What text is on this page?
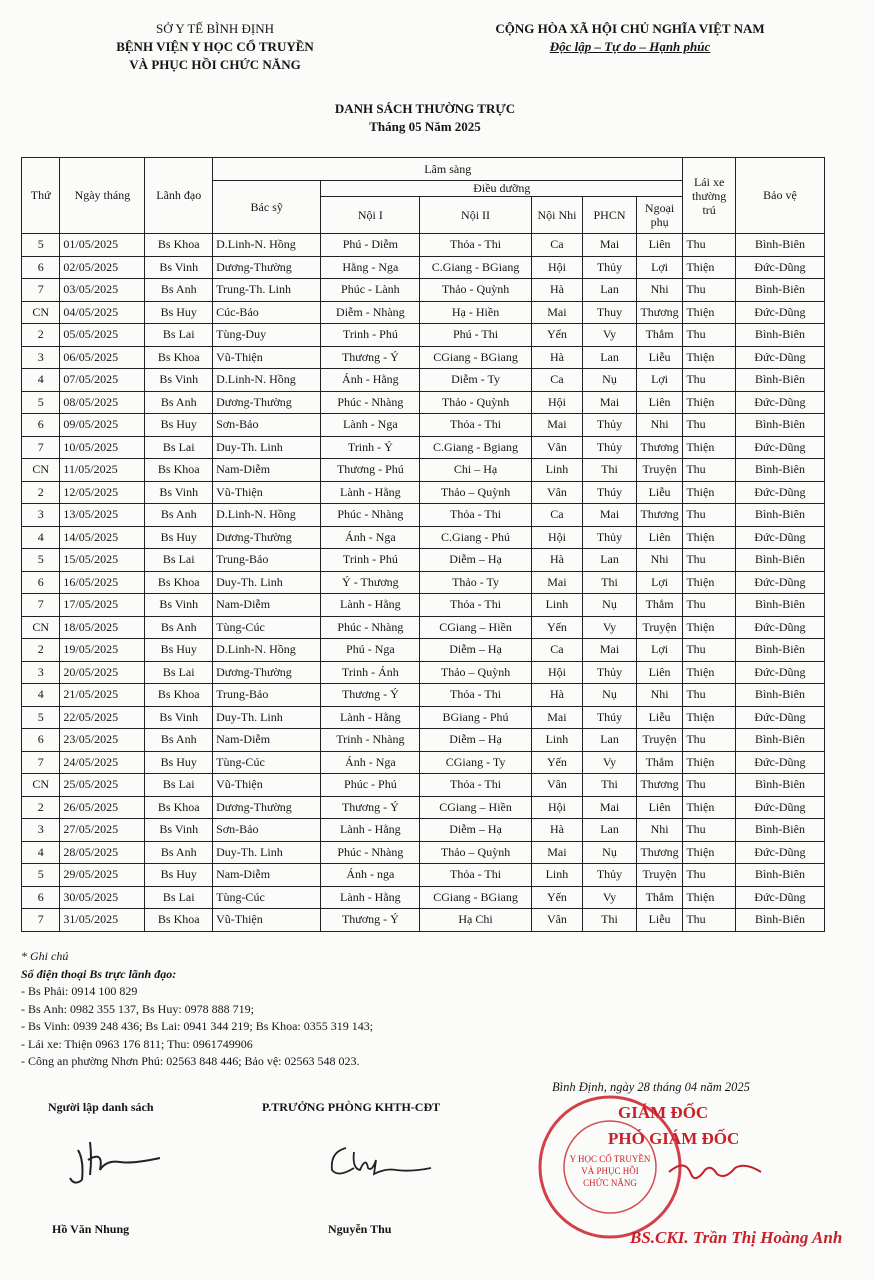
SỞ Y TẾ BÌNH ĐỊNH
BỆNH VIỆN Y HỌC CỔ TRUYỀN
VÀ PHỤC HỒI CHỨC NĂNG
CỘNG HÒA XÃ HỘI CHỦ NGHĨA VIỆT NAM
Độc lập – Tự do – Hạnh phúc
DANH SÁCH THƯỜNG TRỰC
Tháng 05 Năm 2025
Thứ	Ngày tháng	Lãnh đạo	Lâm sàng						Lái xe thường trú	Bảo vệ
			Bác sỹ	Điều dưỡng						
				Nội I	Nội II	Nội Nhi	PHCN	Ngoại phụ		
5	01/05/2025	Bs Khoa	D.Linh-N. Hồng	Phú - Diễm	Thỏa - Thi	Ca	Mai	Liên	Thu	Bình-Biên
6	02/05/2025	Bs Vinh	Dương-Thường	Hằng - Nga	C.Giang - BGiang	Hội	Thủy	Lợi	Thiện	Đức-Dũng
7	03/05/2025	Bs Anh	Trung-Th. Linh	Phúc - Lành	Thảo - Quỳnh	Hà	Lan	Nhi	Thu	Bình-Biên
CN	04/05/2025	Bs Huy	Cúc-Bảo	Diễm - Nhàng	Hạ - Hiền	Mai	Thuy	Thương	Thiện	Đức-Dũng
2	05/05/2025	Bs Lai	Tùng-Duy	Trinh - Phú	Phú - Thi	Yến	Vy	Thắm	Thu	Bình-Biên
3	06/05/2025	Bs Khoa	Vũ-Thiện	Thương - Ý	CGiang - BGiang	Hà	Lan	Liễu	Thiện	Đức-Dũng
4	07/05/2025	Bs Vinh	D.Linh-N. Hồng	Ánh - Hằng	Diễm - Ty	Ca	Nụ	Lợi	Thu	Bình-Biên
5	08/05/2025	Bs Anh	Dương-Thường	Phúc - Nhàng	Thảo - Quỳnh	Hội	Mai	Liên	Thiện	Đức-Dũng
6	09/05/2025	Bs Huy	Sơn-Bảo	Lành - Nga	Thỏa - Thi	Mai	Thủy	Nhi	Thu	Bình-Biên
7	10/05/2025	Bs Lai	Duy-Th. Linh	Trinh - Ý	C.Giang - Bgiang	Vân	Thủy	Thương	Thiện	Đức-Dũng
CN	11/05/2025	Bs Khoa	Nam-Diễm	Thương - Phú	Chi – Hạ	Linh	Thi	Truyện	Thu	Bình-Biên
2	12/05/2025	Bs Vinh	Vũ-Thiện	Lành - Hằng	Thảo – Quỳnh	Vân	Thúy	Liễu	Thiện	Đức-Dũng
3	13/05/2025	Bs Anh	D.Linh-N. Hồng	Phúc - Nhàng	Thỏa - Thi	Ca	Mai	Thương	Thu	Bình-Biên
4	14/05/2025	Bs Huy	Dương-Thường	Ánh - Nga	C.Giang - Phú	Hội	Thủy	Liên	Thiện	Đức-Dũng
5	15/05/2025	Bs Lai	Trung-Bảo	Trinh - Phú	Diễm – Hạ	Hà	Lan	Nhi	Thu	Bình-Biên
6	16/05/2025	Bs Khoa	Duy-Th. Linh	Ý - Thương	Thảo - Ty	Mai	Thi	Lợi	Thiện	Đức-Dũng
7	17/05/2025	Bs Vinh	Nam-Diễm	Lành - Hằng	Thỏa - Thi	Linh	Nụ	Thắm	Thu	Bình-Biên
CN	18/05/2025	Bs Anh	Tùng-Cúc	Phúc - Nhàng	CGiang – Hiền	Yến	Vy	Truyện	Thiện	Đức-Dũng
2	19/05/2025	Bs Huy	D.Linh-N. Hồng	Phú - Nga	Diễm – Hạ	Ca	Mai	Lợi	Thu	Bình-Biên
3	20/05/2025	Bs Lai	Dương-Thường	Trinh - Ánh	Thảo – Quỳnh	Hội	Thủy	Liên	Thiện	Đức-Dũng
4	21/05/2025	Bs Khoa	Trung-Bảo	Thương - Ý	Thỏa - Thi	Hà	Nụ	Nhi	Thu	Bình-Biên
5	22/05/2025	Bs Vinh	Duy-Th. Linh	Lành - Hằng	BGiang - Phú	Mai	Thúy	Liễu	Thiện	Đức-Dũng
6	23/05/2025	Bs Anh	Nam-Diễm	Trinh - Nhàng	Diễm – Hạ	Linh	Lan	Truyện	Thu	Bình-Biên
7	24/05/2025	Bs Huy	Tùng-Cúc	Ánh - Nga	CGiang - Ty	Yến	Vy	Thắm	Thiện	Đức-Dũng
CN	25/05/2025	Bs Lai	Vũ-Thiện	Phúc - Phú	Thỏa - Thi	Vân	Thi	Thương	Thu	Bình-Biên
2	26/05/2025	Bs Khoa	Dương-Thường	Thương - Ý	CGiang – Hiền	Hội	Mai	Liên	Thiện	Đức-Dũng
3	27/05/2025	Bs Vinh	Sơn-Bảo	Lành - Hằng	Diễm – Hạ	Hà	Lan	Nhi	Thu	Bình-Biên
4	28/05/2025	Bs Anh	Duy-Th. Linh	Phúc - Nhàng	Thảo – Quỳnh	Mai	Nụ	Thương	Thiện	Đức-Dũng
5	29/05/2025	Bs Huy	Nam-Diễm	Ánh - nga	Thỏa - Thi	Linh	Thủy	Truyện	Thu	Bình-Biên
6	30/05/2025	Bs Lai	Tùng-Cúc	Lành - Hằng	CGiang - BGiang	Yến	Vy	Thắm	Thiện	Đức-Dũng
7	31/05/2025	Bs Khoa	Vũ-Thiện	Thương - Ý	Hạ Chi	Vân	Thi	Liễu	Thu	Bình-Biên
* Ghi chú
Số điện thoại Bs trực lãnh đạo:
- Bs Phải: 0914 100 829
- Bs Anh: 0982 355 137, Bs Huy: 0978 888 719;
- Bs Vinh: 0939 248 436; Bs Lai: 0941 344 219; Bs Khoa: 0355 319 143;
- Lái xe: Thiện 0963 176 811; Thu: 0961749906
- Công an phường Nhơn Phú: 02563 848 446; Bảo vệ: 02563 548 023.
Bình Định, ngày 28 tháng 04 năm 2025
Người lập danh sách	P.TRƯỞNG PHÒNG KHTH-CĐT
Hồ Văn Nhung	Nguyễn Thu
Y HỌC CỔ TRUYỀN
VÀ PHỤC HỒI
CHỨC NĂNG
GIÁM ĐỐC
PHÓ GIÁM ĐỐC
BS.CKI. Trần Thị Hoàng Anh
